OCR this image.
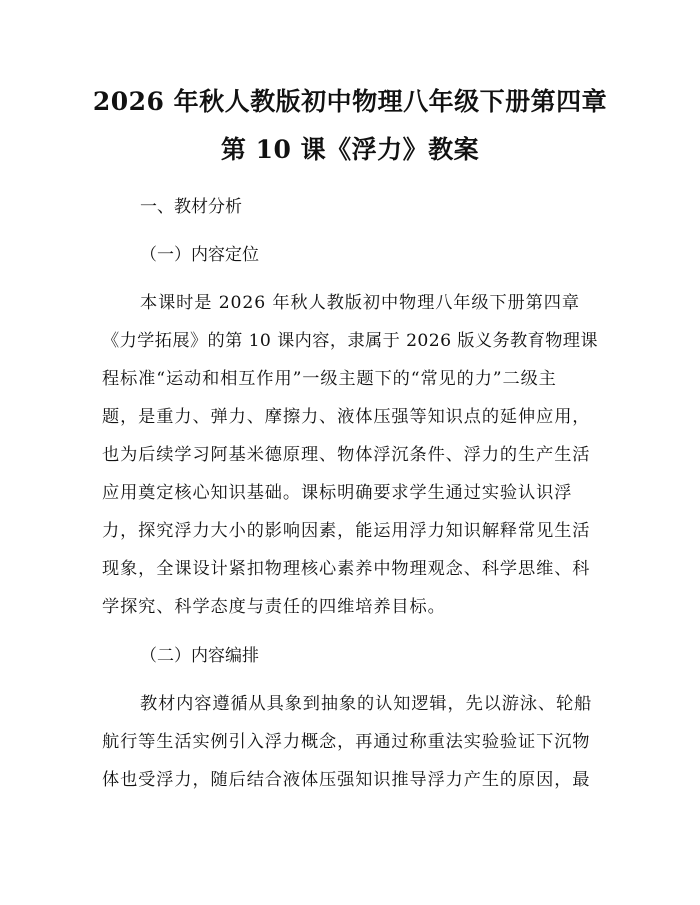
2026 年秋人教版初中物理八年级下册第四章
第 10 课《浮力》教案
一、教材分析
（一）内容定位
本课时是 2026 年秋人教版初中物理八年级下册第四章
《力学拓展》的第 10 课内容，隶属于 2026 版义务教育物理课
程标准“运动和相互作用”一级主题下的“常见的力”二级主
题，是重力、弹力、摩擦力、液体压强等知识点的延伸应用，
也为后续学习阿基米德原理、物体浮沉条件、浮力的生产生活
应用奠定核心知识基础。课标明确要求学生通过实验认识浮
力，探究浮力大小的影响因素，能运用浮力知识解释常见生活
现象，全课设计紧扣物理核心素养中物理观念、科学思维、科
学探究、科学态度与责任的四维培养目标。
（二）内容编排
教材内容遵循从具象到抽象的认知逻辑，先以游泳、轮船
航行等生活实例引入浮力概念，再通过称重法实验验证下沉物
体也受浮力，随后结合液体压强知识推导浮力产生的原因，最
